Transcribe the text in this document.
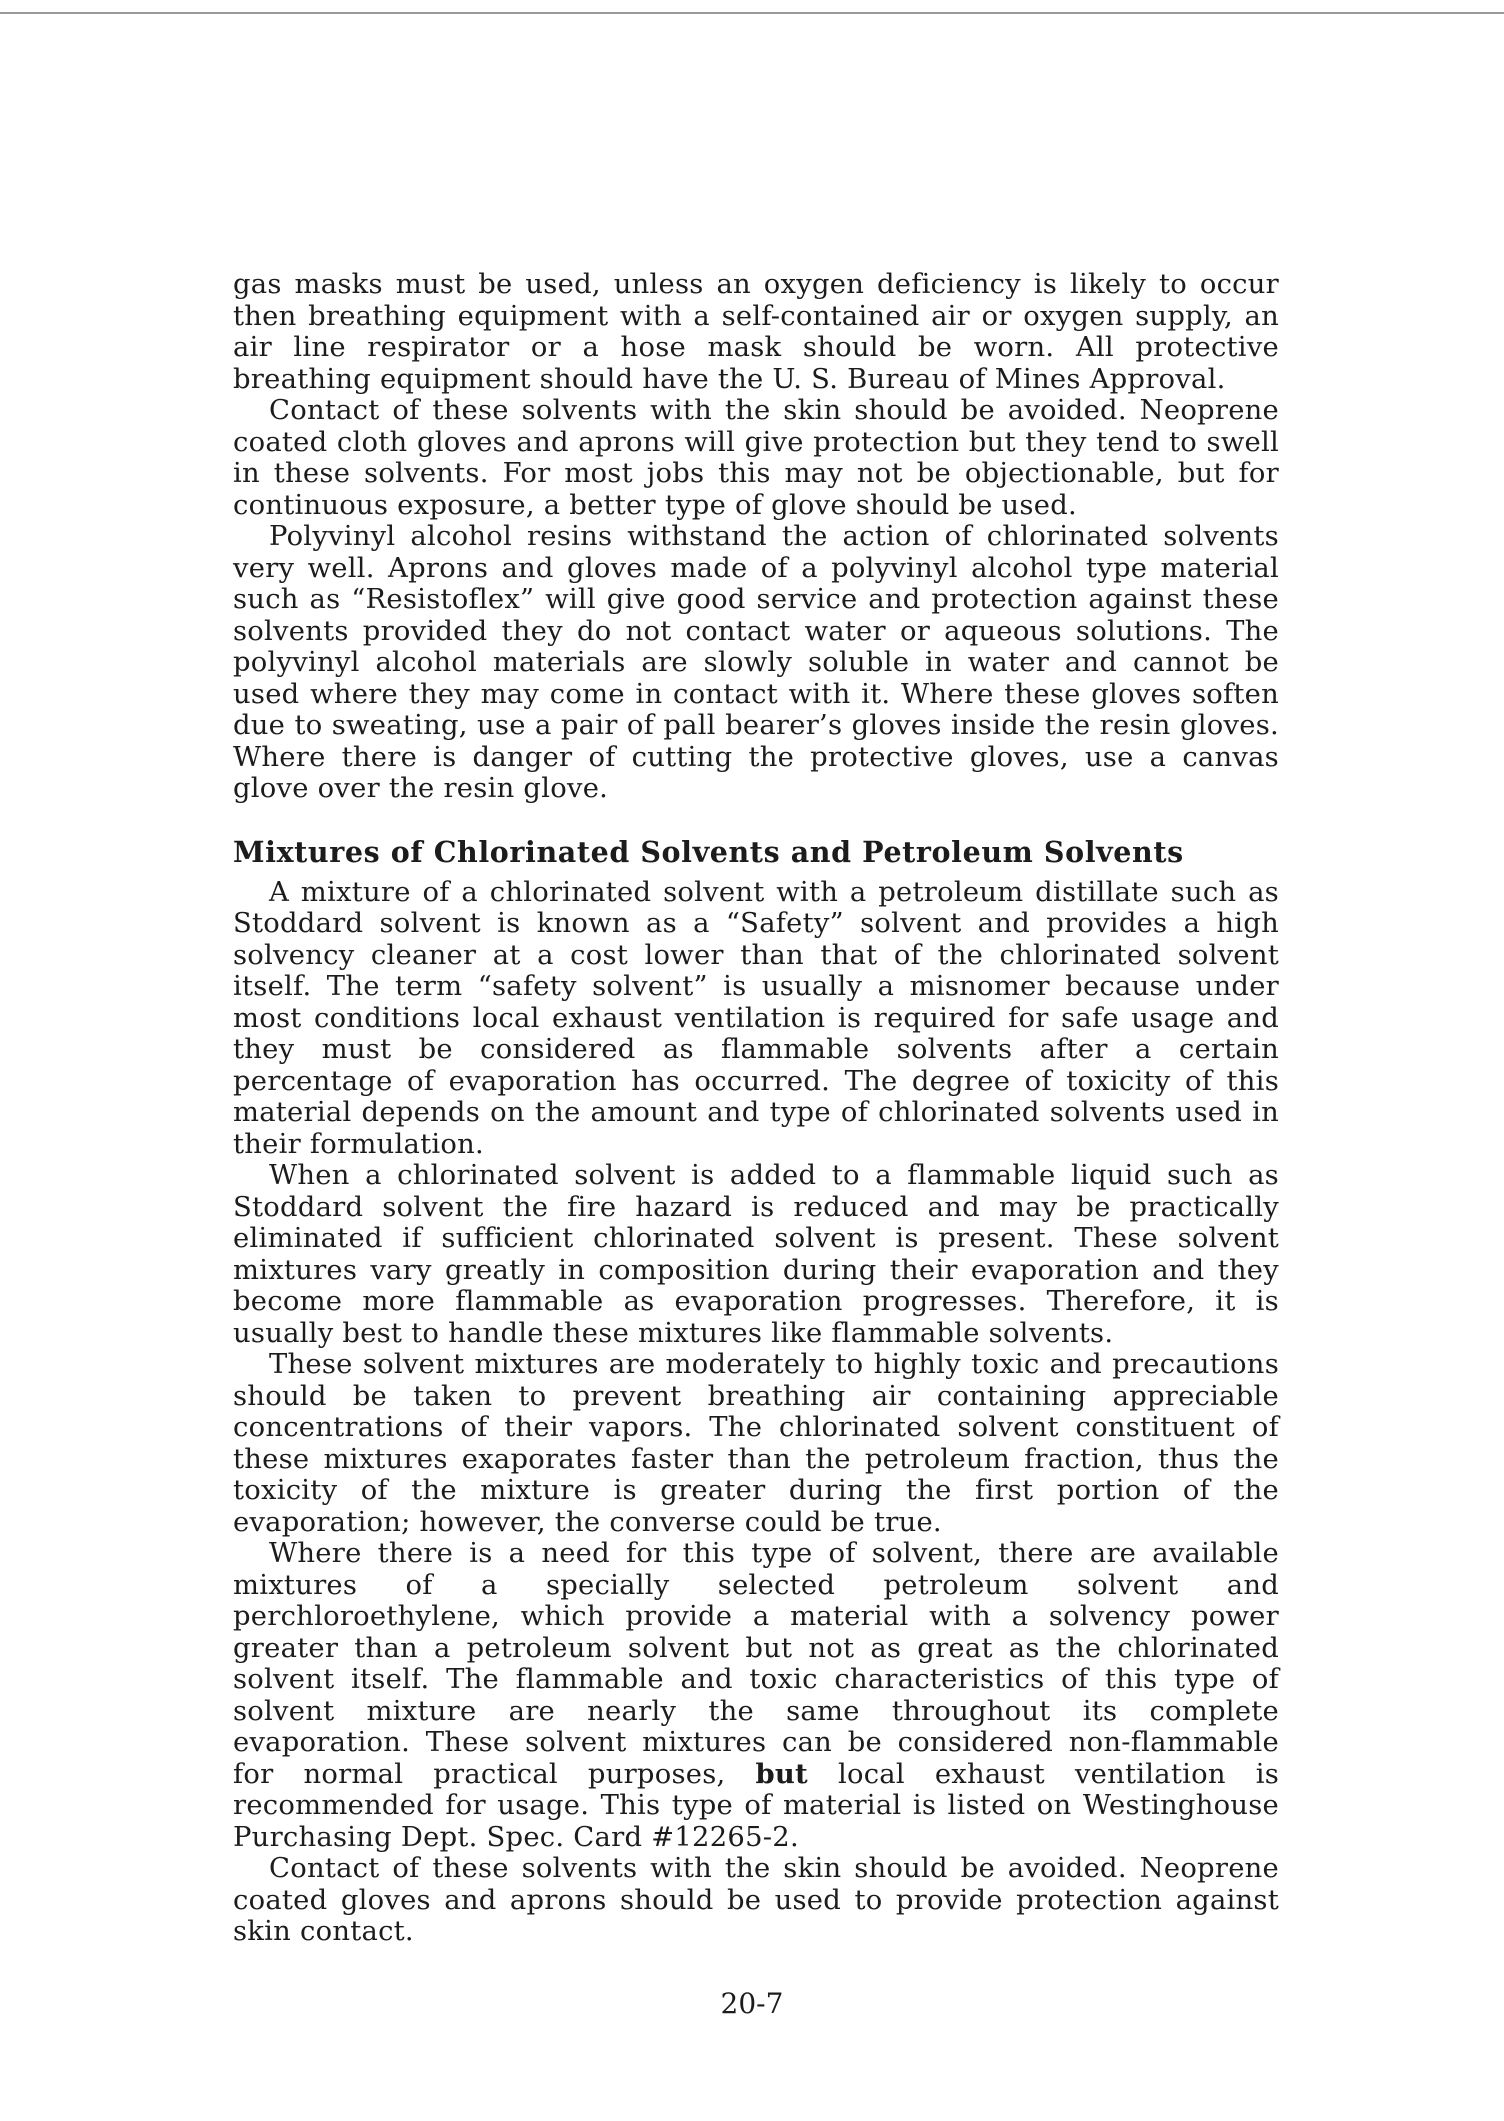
gas masks must be used, unless an oxygen deficiency is likely to occur then breathing equipment with a self-contained air or oxygen supply, an air line respirator or a hose mask should be worn. All protective breathing equipment should have the U. S. Bureau of Mines Approval.

Contact of these solvents with the skin should be avoided. Neoprene coated cloth gloves and aprons will give protection but they tend to swell in these solvents. For most jobs this may not be objectionable, but for continuous exposure, a better type of glove should be used.

Polyvinyl alcohol resins withstand the action of chlorinated solvents very well. Aprons and gloves made of a polyvinyl alcohol type material such as “Resistoflex” will give good service and protection against these solvents provided they do not contact water or aqueous solutions. The polyvinyl alcohol materials are slowly soluble in water and cannot be used where they may come in contact with it. Where these gloves soften due to sweating, use a pair of pall bearer’s gloves inside the resin gloves. Where there is danger of cutting the protective gloves, use a canvas glove over the resin glove.

Mixtures of Chlorinated Solvents and Petroleum Solvents

A mixture of a chlorinated solvent with a petroleum distillate such as Stoddard solvent is known as a “Safety” solvent and provides a high solvency cleaner at a cost lower than that of the chlorinated solvent itself. The term “safety solvent” is usually a misnomer because under most conditions local exhaust ventilation is required for safe usage and they must be considered as flammable solvents after a certain percentage of evaporation has occurred. The degree of toxicity of this material depends on the amount and type of chlorinated solvents used in their formulation.

When a chlorinated solvent is added to a flammable liquid such as Stoddard solvent the fire hazard is reduced and may be practically eliminated if sufficient chlorinated solvent is present. These solvent mixtures vary greatly in composition during their evaporation and they become more flammable as evaporation progresses. Therefore, it is usually best to handle these mixtures like flammable solvents.

These solvent mixtures are moderately to highly toxic and precautions should be taken to prevent breathing air containing appreciable concentrations of their vapors. The chlorinated solvent constituent of these mixtures exaporates faster than the petroleum fraction, thus the toxicity of the mixture is greater during the first portion of the evaporation; however, the converse could be true.

Where there is a need for this type of solvent, there are available mixtures of a specially selected petroleum solvent and perchloroethylene, which provide a material with a solvency power greater than a petroleum solvent but not as great as the chlorinated solvent itself. The flammable and toxic characteristics of this type of solvent mixture are nearly the same throughout its complete evaporation. These solvent mixtures can be considered non-flammable for normal practical purposes, but local exhaust ventilation is recommended for usage. This type of material is listed on Westinghouse Purchasing Dept. Spec. Card #12265-2.

Contact of these solvents with the skin should be avoided. Neoprene coated gloves and aprons should be used to provide protection against skin contact.

20-7
